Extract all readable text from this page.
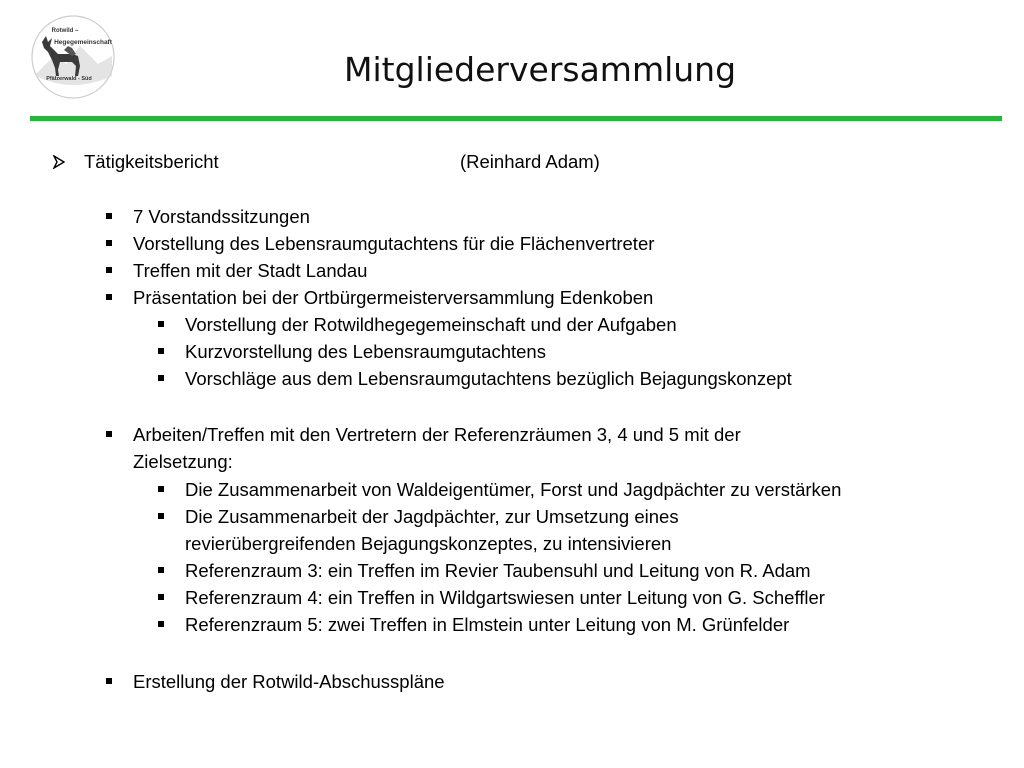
Rotwild –
Hegegemeinschaft
Pfälzerwald - Süd	Mitgliederversammlung
Tätigkeitsbericht	(Reinhard Adam)
7 Vorstandssitzungen
Vorstellung des Lebensraumgutachtens für die Flächenvertreter
Treffen mit der Stadt Landau
Präsentation bei der Ortbürgermeisterversammlung Edenkoben
Vorstellung der Rotwildhegegemeinschaft und der Aufgaben
Kurzvorstellung des Lebensraumgutachtens
Vorschläge aus dem Lebensraumgutachtens bezüglich Bejagungskonzept
Arbeiten/Treffen mit den Vertretern der Referenzräumen 3, 4 und 5 mit der
Zielsetzung:
Die Zusammenarbeit von Waldeigentümer, Forst und Jagdpächter zu verstärken
Die Zusammenarbeit der Jagdpächter, zur Umsetzung eines
revierübergreifenden Bejagungskonzeptes, zu intensivieren
Referenzraum 3: ein Treffen im Revier Taubensuhl und Leitung von R. Adam
Referenzraum 4: ein Treffen in Wildgartswiesen unter Leitung von G. Scheffler
Referenzraum 5: zwei Treffen in Elmstein unter Leitung von M. Grünfelder
Erstellung der Rotwild-Abschusspläne
